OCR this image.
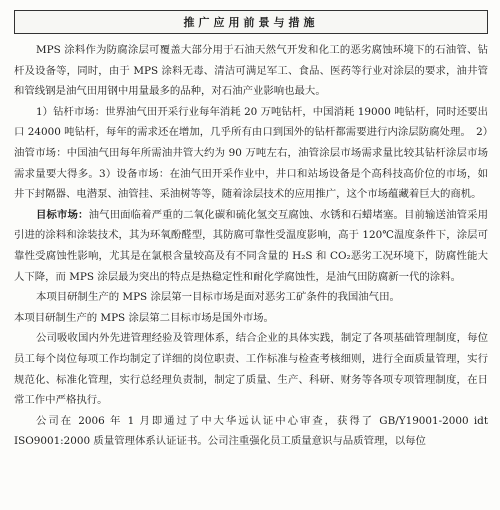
推广应用前景与措施

MPS 涂料作为防腐涂层可覆盖大部分用于石油天然气开发和化工的恶劣腐蚀环境下的石油管、钻杆及设备等，同时，由于 MPS 涂料无毒、清洁可满足军工、食品、医药等行业对涂层的要求，油井管和管线钢是油气田用钢中用量最多的品种，对石油产业影响也最大。

1）钻杆市场：世界油气田开采行业每年消耗 20 万吨钻杆，中国消耗 19000 吨钻杆，同时还要出口 24000 吨钻杆，每年的需求还在增加，几乎所有由口到国外的钻杆都需要进行内涂层防腐处理。　2）油管市场：中国油气田每年所需油井管大约为 90 万吨左右，油管涂层市场需求量比较其钻杆涂层市场需求量要大得多。3）设备市场：在油气田开采作业中，井口和站场设备是个高科技高价位的市场，如井下封隔器、电潜泵、油管挂、采油树等等，随着涂层技术的应用推广，这个市场蕴藏着巨大的商机。

目标市场：油气田面临着严重的二氧化碳和硫化氢交互腐蚀、水锈和石蜡堵塞。目前输送油管采用引进的涂料和涂装技术，其为环氧酚醛型，其防腐可靠性受温度影响，高于 120℃温度条件下，涂层可靠性受腐蚀性影响，尤其是在氯根含量较高及有不同含量的 H₂S 和 CO₂恶劣工况环境下，防腐性能大人下降，而 MPS 涂层最为突出的特点是热稳定性和耐化学腐蚀性，是油气田防腐新一代的涂料。

本项目研制生产的 MPS 涂层第一目标市场是面对恶劣工矿条件的我国油气田。

本项目研制生产的 MPS 涂层第二目标市场是国外市场。

公司吸收国内外先进管理经验及管理体系，结合企业的具体实践，制定了各项基础管理制度，每位员工每个岗位每项工作均制定了详细的岗位职责、工作标准与检查考核细则，进行全面质量管理，实行规范化、标准化管理，实行总经理负责制，制定了质量、生产、科研、财务等各项专项管理制度，在日常工作中严格执行。

公司在 2006 年 1 月即通过了中大华远认证中心审查，获得了 GB/Y19001-2000 idt ISO9001:2000 质量管理体系认证证书。公司注重强化员工质量意识与品质管理，以每位
